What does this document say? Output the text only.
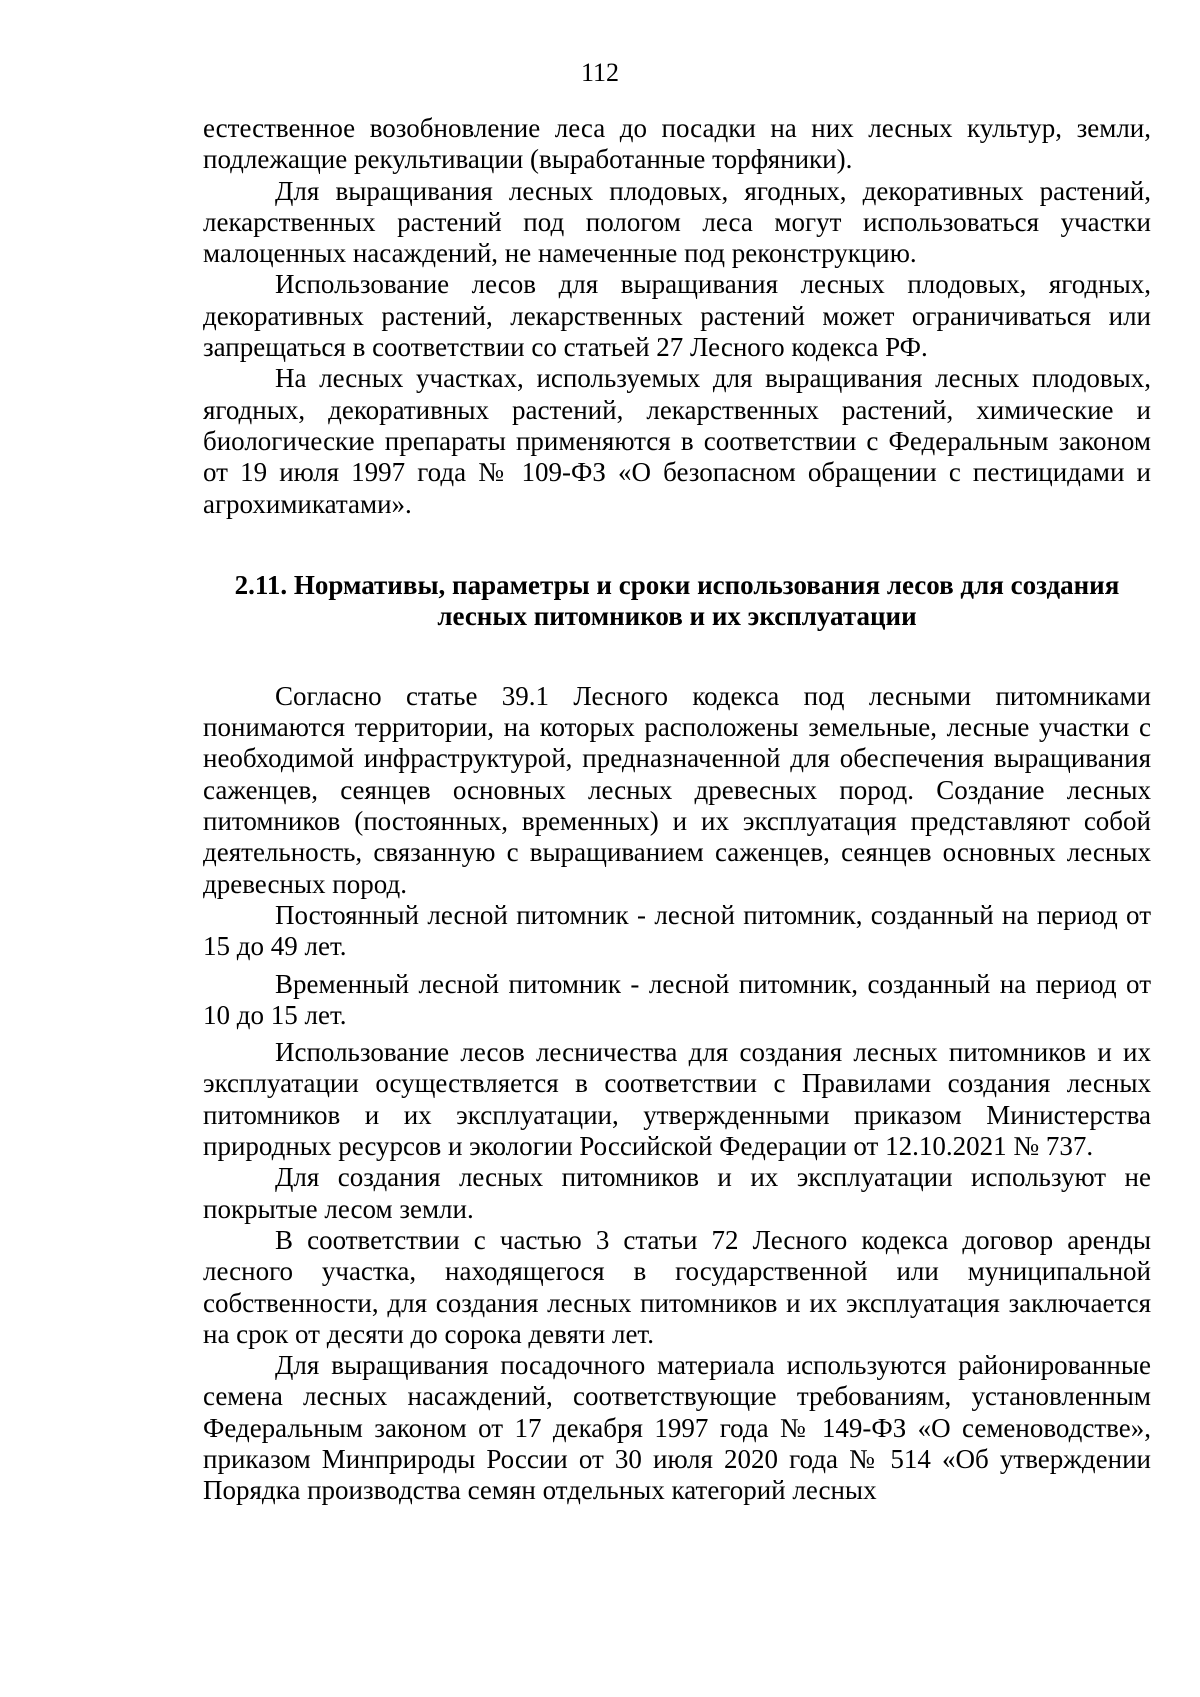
112

естественное возобновление леса до посадки на них лесных культур, земли, подлежащие рекультивации (выработанные торфяники).

Для выращивания лесных плодовых, ягодных, декоративных растений, лекарственных растений под пологом леса могут использоваться участки малоценных насаждений, не намеченные под реконструкцию.

Использование лесов для выращивания лесных плодовых, ягодных, декоративных растений, лекарственных растений может ограничиваться или запрещаться в соответствии со статьей 27 Лесного кодекса РФ.

На лесных участках, используемых для выращивания лесных плодовых, ягодных, декоративных растений, лекарственных растений, химические и биологические препараты применяются в соответствии с Федеральным законом от 19 июля 1997 года № 109-ФЗ «О безопасном обращении с пестицидами и агрохимикатами».

2.11. Нормативы, параметры и сроки использования лесов для создания лесных питомников и их эксплуатации

Согласно статье 39.1 Лесного кодекса под лесными питомниками понимаются территории, на которых расположены земельные, лесные участки с необходимой инфраструктурой, предназначенной для обеспечения выращивания саженцев, сеянцев основных лесных древесных пород. Создание лесных питомников (постоянных, временных) и их эксплуатация представляют собой деятельность, связанную с выращиванием саженцев, сеянцев основных лесных древесных пород.

Постоянный лесной питомник - лесной питомник, созданный на период от 15 до 49 лет.

Временный лесной питомник - лесной питомник, созданный на период от 10 до 15 лет.

Использование лесов лесничества для создания лесных питомников и их эксплуатации осуществляется в соответствии с Правилами создания лесных питомников и их эксплуатации, утвержденными приказом Министерства природных ресурсов и экологии Российской Федерации от 12.10.2021 № 737.

Для создания лесных питомников и их эксплуатации используют не покрытые лесом земли.

В соответствии с частью 3 статьи 72 Лесного кодекса договор аренды лесного участка, находящегося в государственной или муниципальной собственности, для создания лесных питомников и их эксплуатация заключается на срок от десяти до сорока девяти лет.

Для выращивания посадочного материала используются районированные семена лесных насаждений, соответствующие требованиям, установленным Федеральным законом от 17 декабря 1997 года № 149-ФЗ «О семеноводстве», приказом Минприроды России от 30 июля 2020 года № 514 «Об утверждении Порядка производства семян отдельных категорий лесных
